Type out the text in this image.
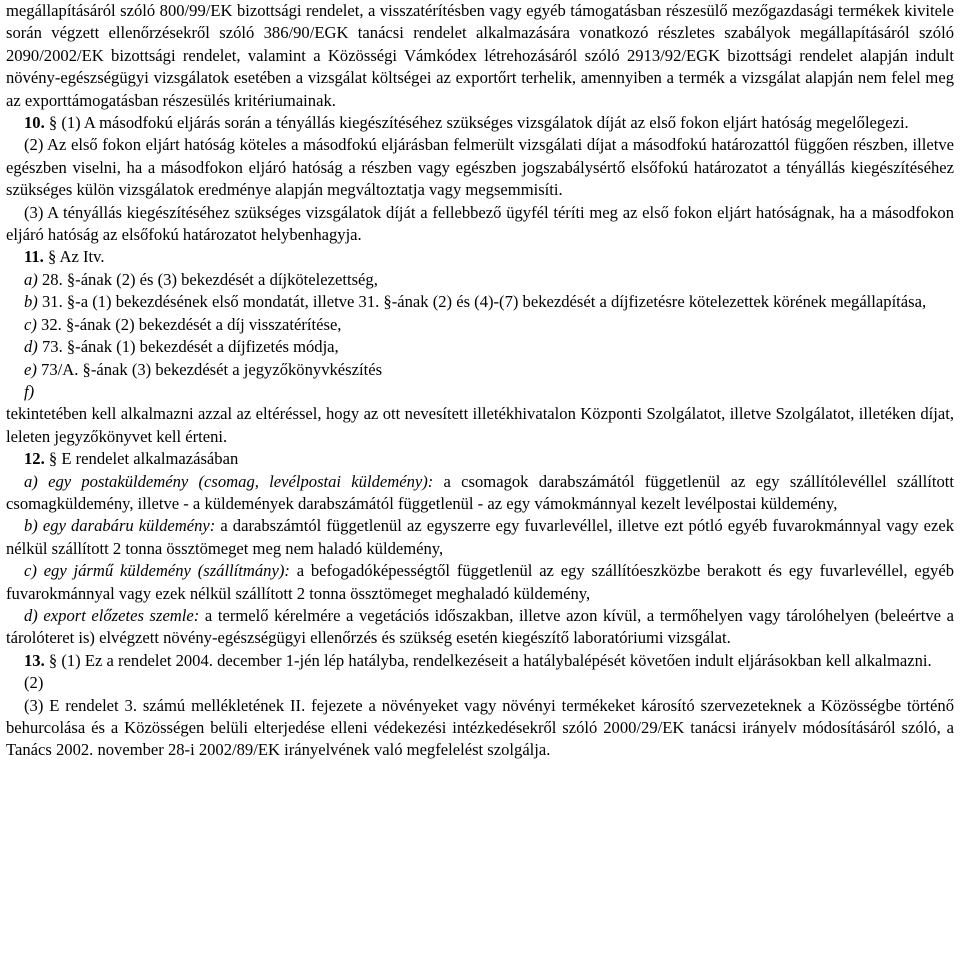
megállapításáról szóló 800/99/EK bizottsági rendelet, a visszatérítésben vagy egyéb támogatásban részesülő mezőgazdasági termékek kivitele során végzett ellenőrzésekről szóló 386/90/EGK tanácsi rendelet alkalmazására vonatkozó részletes szabályok megállapításáról szóló 2090/2002/EK bizottsági rendelet, valamint a Közösségi Vámkódex létrehozásáról szóló 2913/92/EGK bizottsági rendelet alapján indult növény-egészségügyi vizsgálatok esetében a vizsgálat költségei az exportőrt terhelik, amennyiben a termék a vizsgálat alapján nem felel meg az exporttámogatásban részesülés kritériumainak.

10. § (1) A másodfokú eljárás során a tényállás kiegészítéséhez szükséges vizsgálatok díját az első fokon eljárt hatóság megelőlegezi.

(2) Az első fokon eljárt hatóság köteles a másodfokú eljárásban felmerült vizsgálati díjat a másodfokú határozattól függően részben, illetve egészben viselni, ha a másodfokon eljáró hatóság a részben vagy egészben jogszabálysértő elsőfokú határozatot a tényállás kiegészítéséhez szükséges külön vizsgálatok eredménye alapján megváltoztatja vagy megsemmisíti.

(3) A tényállás kiegészítéséhez szükséges vizsgálatok díját a fellebbező ügyfél téríti meg az első fokon eljárt hatóságnak, ha a másodfokon eljáró hatóság az elsőfokú határozatot helybenhagyja.

11. § Az Itv.

a) 28. §-ának (2) és (3) bekezdését a díjkötelezettség,

b) 31. §-a (1) bekezdésének első mondatát, illetve 31. §-ának (2) és (4)-(7) bekezdését a díjfizetésre kötelezettek körének megállapítása,

c) 32. §-ának (2) bekezdését a díj visszatérítése,

d) 73. §-ának (1) bekezdését a díjfizetés módja,

e) 73/A. §-ának (3) bekezdését a jegyzőkönyvkészítés

f)

tekintetében kell alkalmazni azzal az eltéréssel, hogy az ott nevesített illetékhivatalon Központi Szolgálatot, illetve Szolgálatot, illetéken díjat, leleten jegyzőkönyvet kell érteni.

12. § E rendelet alkalmazásában

a) egy postaküldemény (csomag, levélpostai küldemény): a csomagok darabszámától függetlenül az egy szállítólevéllel szállított csomagküldemény, illetve - a küldemények darabszámától függetlenül - az egy vámokmánnyal kezelt levélpostai küldemény,

b) egy darabáru küldemény: a darabszámtól függetlenül az egyszerre egy fuvarlevéllel, illetve ezt pótló egyéb fuvarokmánnyal vagy ezek nélkül szállított 2 tonna össztömeget meg nem haladó küldemény,

c) egy jármű küldemény (szállítmány): a befogadóképességtől függetlenül az egy szállítóeszközbe berakott és egy fuvarlevéllel, egyéb fuvarokmánnyal vagy ezek nélkül szállított 2 tonna össztömeget meghaladó küldemény,

d) export előzetes szemle: a termelő kérelmére a vegetációs időszakban, illetve azon kívül, a termőhelyen vagy tárolóhelyen (beleértve a tárolóteret is) elvégzett növény-egészségügyi ellenőrzés és szükség esetén kiegészítő laboratóriumi vizsgálat.

13. § (1) Ez a rendelet 2004. december 1-jén lép hatályba, rendelkezéseit a hatálybalépését követően indult eljárásokban kell alkalmazni.

(2)

(3) E rendelet 3. számú mellékletének II. fejezete a növényeket vagy növényi termékeket károsító szervezeteknek a Közösségbe történő behurcolása és a Közösségen belüli elterjedése elleni védekezési intézkedésekről szóló 2000/29/EK tanácsi irányelv módosításáról szóló, a Tanács 2002. november 28-i 2002/89/EK irányelvének való megfelelést szolgálja.
